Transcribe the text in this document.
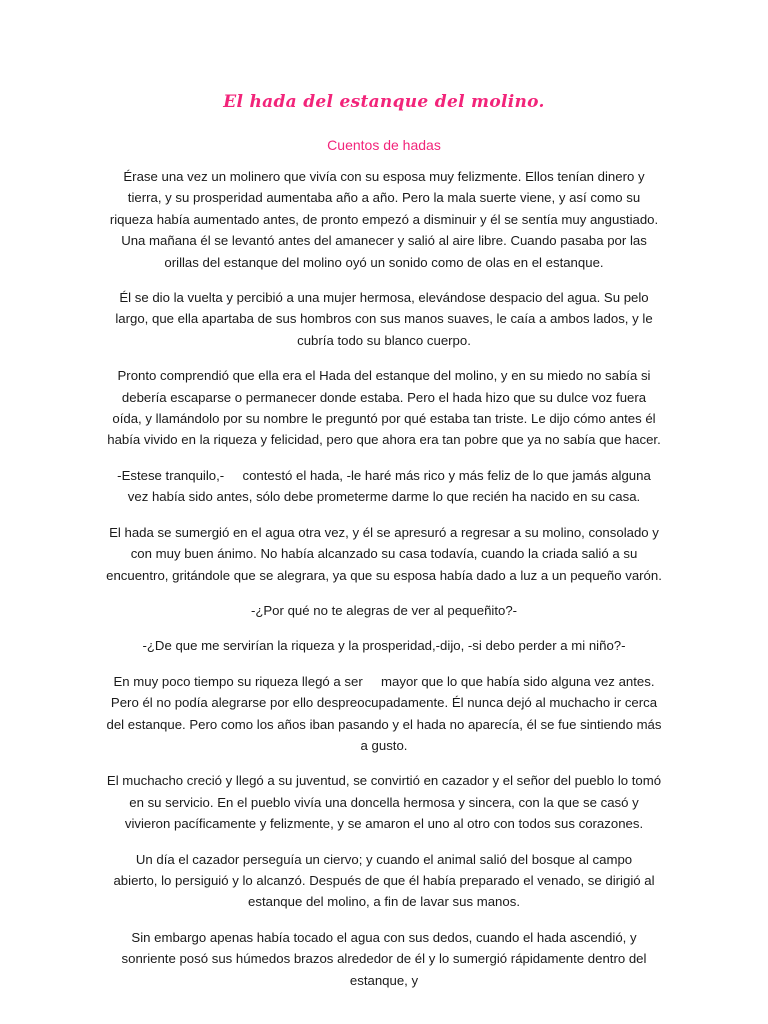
El hada del estanque del molino.
Cuentos de hadas

Érase una vez un molinero que vivía con su esposa muy felizmente. Ellos tenían dinero y tierra, y su prosperidad aumentaba año a año. Pero la mala suerte viene, y así como su riqueza había aumentado antes, de pronto empezó a disminuir y él se sentía muy angustiado. Una mañana él se levantó antes del amanecer y salió al aire libre. Cuando pasaba por las orillas del estanque del molino oyó un sonido como de olas en el estanque.

Él se dio la vuelta y percibió a una mujer hermosa, elevándose despacio del agua. Su pelo largo, que ella apartaba de sus hombros con sus manos suaves, le caía a ambos lados, y le cubría todo su blanco cuerpo.

Pronto comprendió que ella era el Hada del estanque del molino, y en su miedo no sabía si debería escaparse o permanecer donde estaba. Pero el hada hizo que su dulce voz fuera oída, y llamándolo por su nombre le preguntó por qué estaba tan triste. Le dijo cómo antes él había vivido en la riqueza y felicidad, pero que ahora era tan pobre que ya no sabía que hacer.

-Estese tranquilo,-     contestó el hada, -le haré más rico y más feliz de lo que jamás alguna vez había sido antes, sólo debe prometerme darme lo que recién ha nacido en su casa.

El hada se sumergió en el agua otra vez, y él se apresuró a regresar a su molino, consolado y con muy buen ánimo. No había alcanzado su casa todavía, cuando la criada salió a su encuentro, gritándole que se alegrara, ya que su esposa había dado a luz a un pequeño varón.

-¿Por qué no te alegras de ver al pequeñito?-

-¿De que me servirían la riqueza y la prosperidad,-dijo, -si debo perder a mi niño?-

En muy poco tiempo su riqueza llegó a ser     mayor que lo que había sido alguna vez antes. Pero él no podía alegrarse por ello despreocupadamente. Él nunca dejó al muchacho ir cerca del estanque. Pero como los años iban pasando y el hada no aparecía, él se fue sintiendo más a gusto.

El muchacho creció y llegó a su juventud, se convirtió en cazador y el señor del pueblo lo tomó en su servicio. En el pueblo vivía una doncella hermosa y sincera, con la que se casó y vivieron pacíficamente y felizmente, y se amaron el uno al otro con todos sus corazones.

Un día el cazador perseguía un ciervo; y cuando el animal salió del bosque al campo     abierto, lo persiguió y lo alcanzó. Después de que él había preparado el venado, se dirigió al estanque del molino, a fin de lavar sus manos.

Sin embargo apenas había tocado el agua con sus dedos, cuando el hada ascendió, y sonriente posó sus húmedos brazos alrededor de él y lo sumergió rápidamente dentro del estanque, y
